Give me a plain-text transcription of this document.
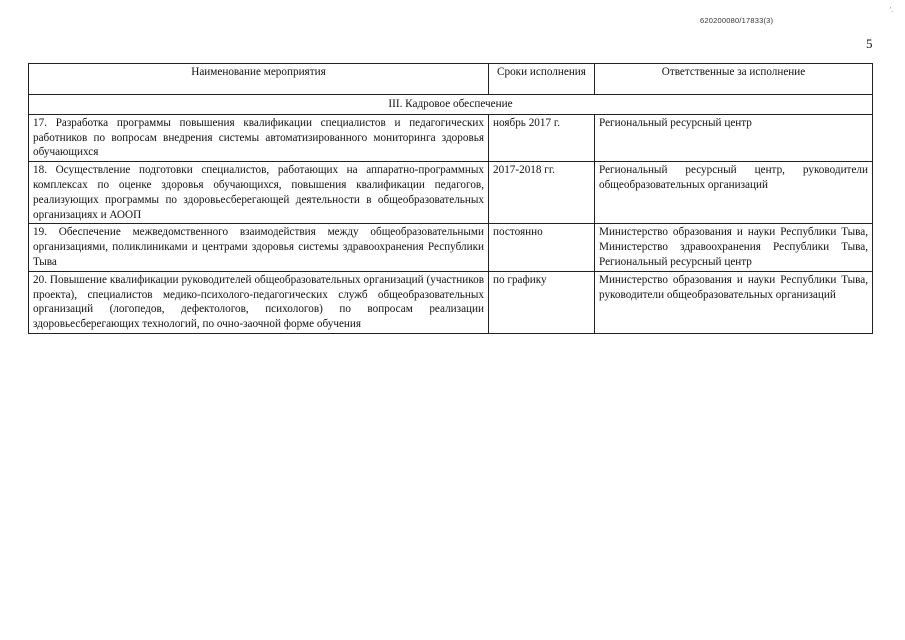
620200080/17833(3)
'.
5
Наименование мероприятия	Сроки исполнения	Ответственные за исполнение
III. Кадровое обеспечение		
17. Разработка программы повышения квалификации специалистов и педагогических работников по вопросам внедрения системы автоматизированного мониторинга здоровья обучающихся	ноябрь 2017 г.	Региональный ресурсный центр
18. Осуществление подготовки специалистов, работающих на аппаратно-программных комплексах по оценке здоровья обучающихся, повышения квалификации педагогов, реализующих программы по здоровьесберегающей деятельности в общеобразовательных организациях и АООП	2017-2018 гг.	Региональный ресурсный центр, руководители общеобразовательных организаций
19. Обеспечение межведомственного взаимодействия между общеобразовательными организациями, поликлиниками и центрами здоровья системы здравоохранения Республики Тыва	постоянно	Министерство образования и науки Республики Тыва, Министерство здравоохранения Республики Тыва, Региональный ресурсный центр
20. Повышение квалификации руководителей общеобразовательных организаций (участников проекта), специалистов медико-психолого-педагогических служб общеобразовательных организаций (логопедов, дефектологов, психологов) по вопросам реализации здоровьесберегающих технологий, по очно-заочной форме обучения	по графику	Министерство образования и науки Республики Тыва, руководители общеобразовательных организаций
